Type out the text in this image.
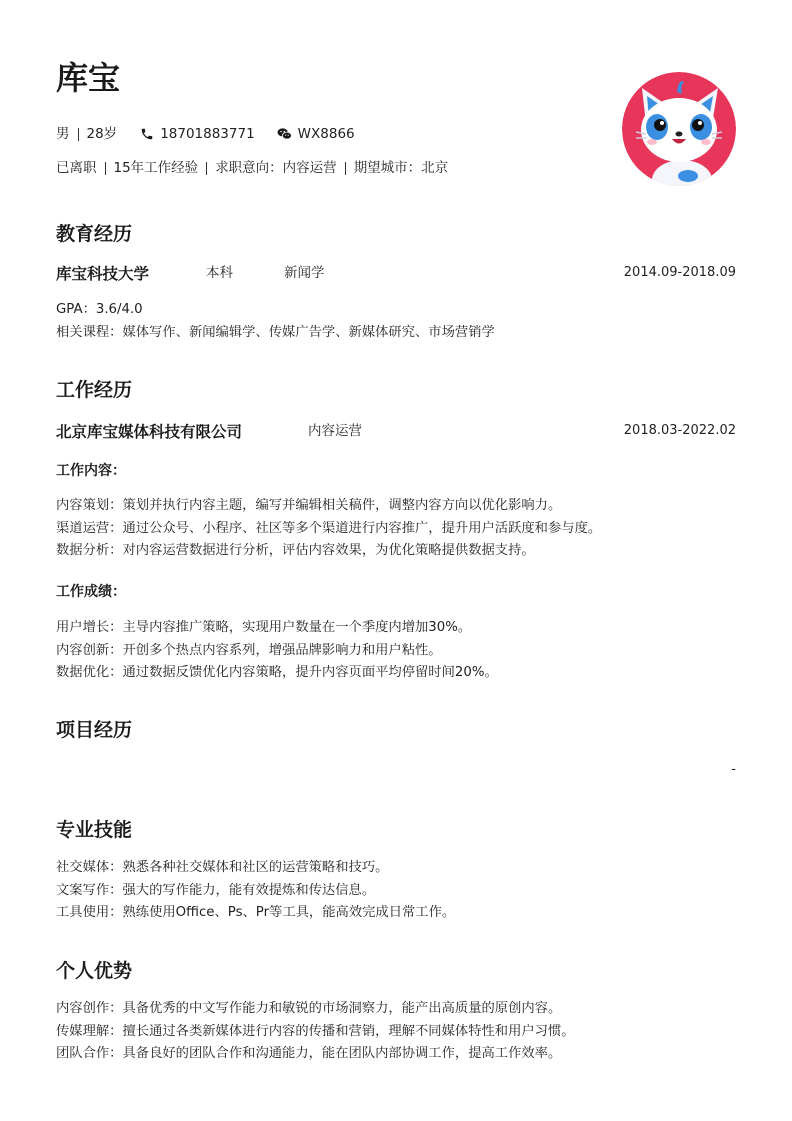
库宝
男 28岁	18701883771	WX8866
已离职 15年工作经验 求职意向：内容运营 期望城市：北京
教育经历
库宝科技大学	本科	新闻学	2014.09-2018.09
GPA：3.6/4.0
相关课程：媒体写作、新闻编辑学、传媒广告学、新媒体研究、市场营销学
工作经历
北京库宝媒体科技有限公司	内容运营	2018.03-2022.02
工作内容：
内容策划：策划并执行内容主题，编写并编辑相关稿件，调整内容方向以优化影响力。
渠道运营：通过公众号、小程序、社区等多个渠道进行内容推广，提升用户活跃度和参与度。
数据分析：对内容运营数据进行分析，评估内容效果，为优化策略提供数据支持。
工作成绩：
用户增长：主导内容推广策略，实现用户数量在一个季度内增加30%。
内容创新：开创多个热点内容系列，增强品牌影响力和用户粘性。
数据优化：通过数据反馈优化内容策略，提升内容页面平均停留时间20%。
项目经历
-
专业技能
社交媒体：熟悉各种社交媒体和社区的运营策略和技巧。
文案写作：强大的写作能力，能有效提炼和传达信息。
工具使用：熟练使用Office、Ps、Pr等工具，能高效完成日常工作。
个人优势
内容创作：具备优秀的中文写作能力和敏锐的市场洞察力，能产出高质量的原创内容。
传媒理解：擅长通过各类新媒体进行内容的传播和营销，理解不同媒体特性和用户习惯。
团队合作：具备良好的团队合作和沟通能力，能在团队内部协调工作，提高工作效率。
